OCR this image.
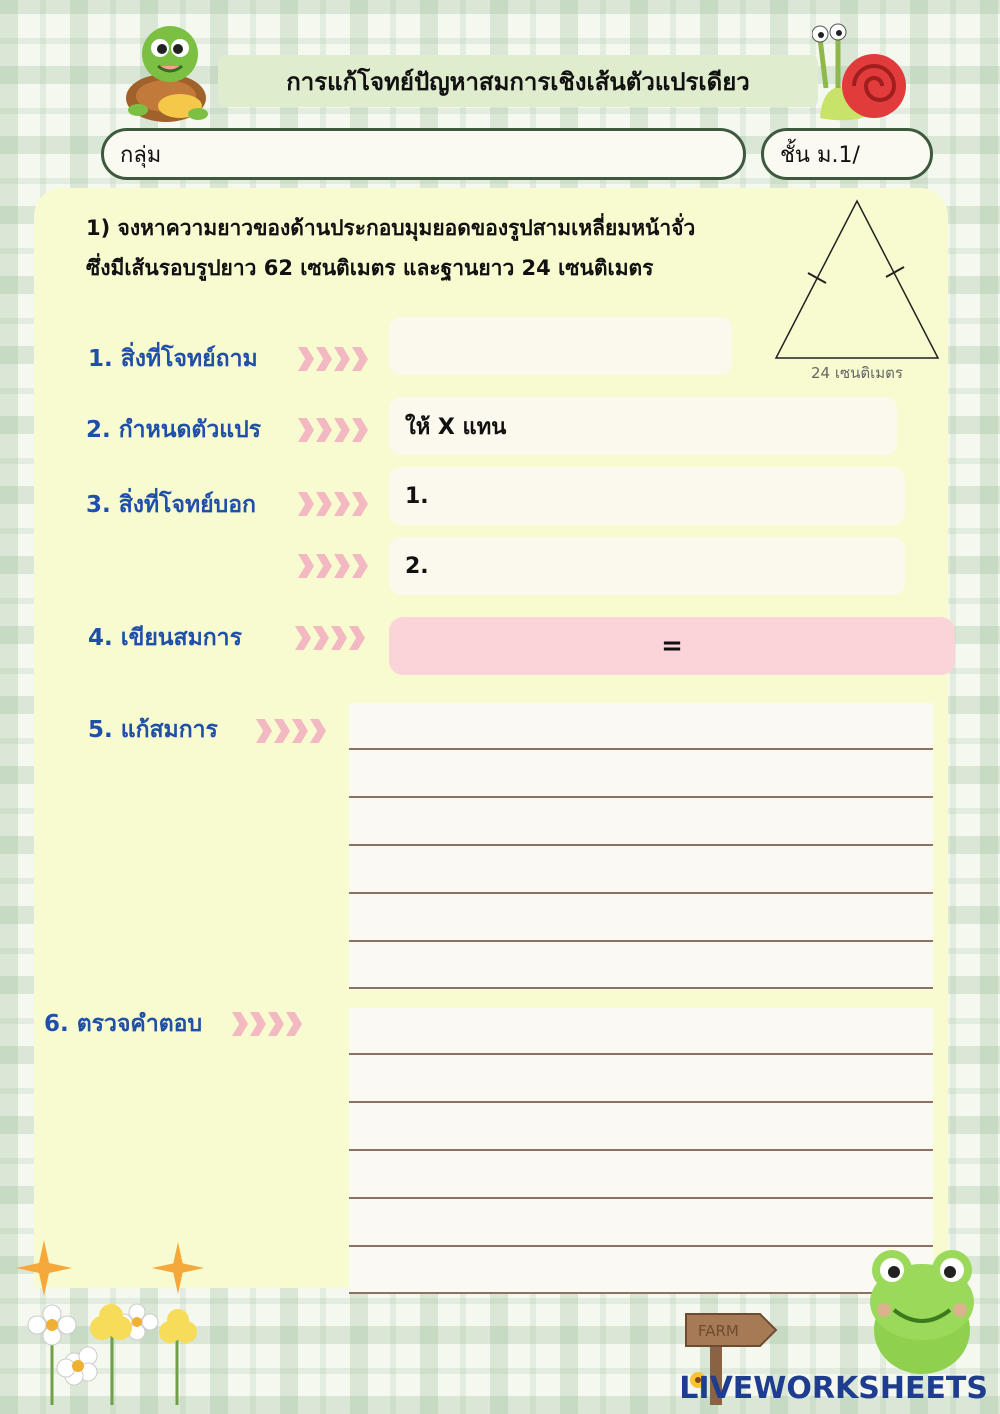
การแก้โจทย์ปัญหาสมการเชิงเส้นตัวแปรเดียว
กลุ่ม	ชั้น ม.1/
1) จงหาความยาวของด้านประกอบมุมยอดของรูปสามเหลี่ยมหน้าจั่ว
ซึ่งมีเส้นรอบรูปยาว 62 เซนติเมตร และฐานยาว 24 เซนติเมตร
24 เซนติเมตร
1. สิ่งที่โจทย์ถาม
2. กำหนดตัวแปร	ให้ X แทน
3. สิ่งที่โจทย์บอก	1.
2.
4. เขียนสมการ	=
5. แก้สมการ
6. ตรวจคำตอบ
FARM
LIVEWORKSHEETS
